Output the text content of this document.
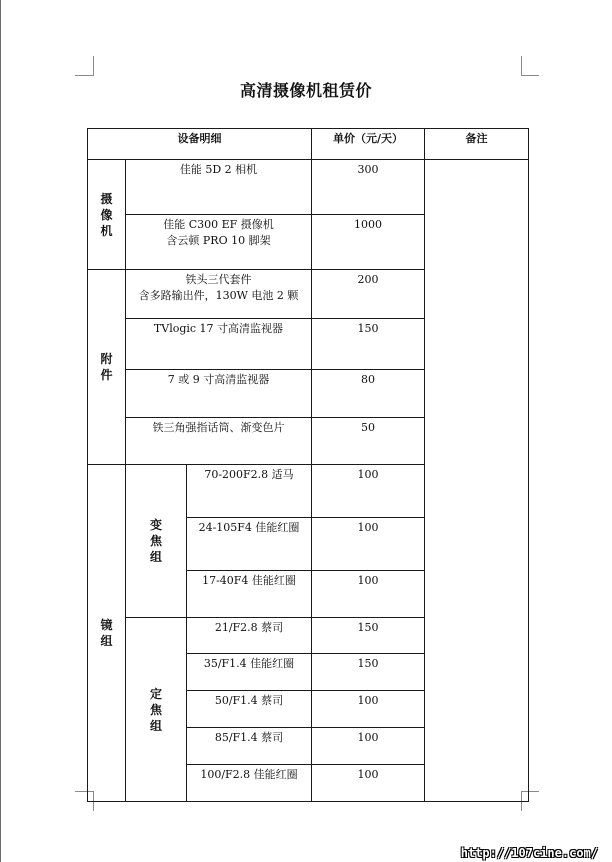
高清摄像机租赁价
设备明细			单价（元/天）	备注

摄
像
机	佳能 5D 2 相机		300	
	佳能 C300 EF 摄像机
含云顿 PRO 10 脚架		1000	

附
件	铁头三代套件
含多路输出件，130W 电池 2 颗		200	
	TVlogic 17 寸高清监视器		150	
	7 或 9 寸高清监视器		80	
	铁三角强指话筒、渐变色片		50	

镜
组	变
焦
组	70-200F2.8 适马	100	
		24-105F4 佳能红圈	100	
		17-40F4 佳能红圈	100	

	定
焦
组	21/F2.8 蔡司	150	
		35/F1.4 佳能红圈	150	
		50/F1.4 蔡司	100	
		85/F1.4 蔡司	100	
		100/F2.8 佳能红圈	100	
http://107cine.com/
